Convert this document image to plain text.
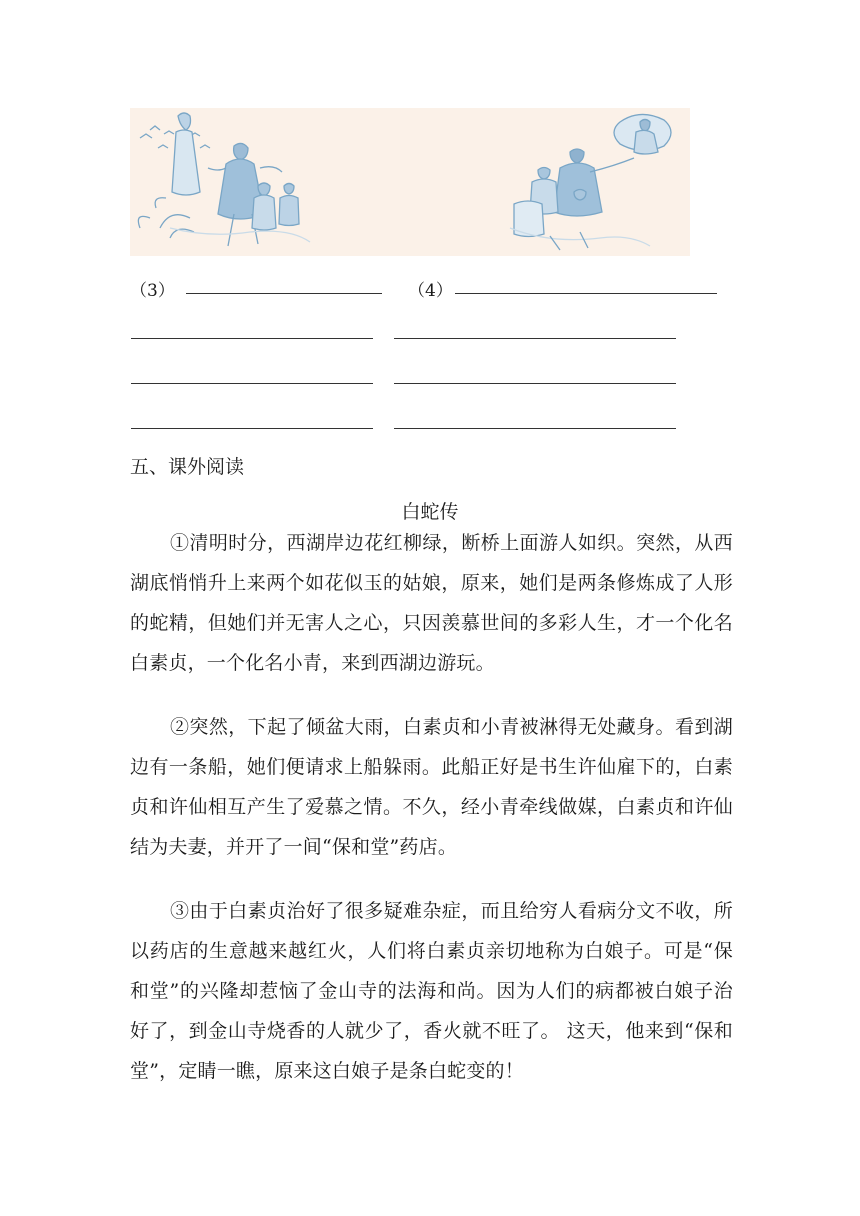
（3）	（4）
五、课外阅读
白蛇传

①清明时分，西湖岸边花红柳绿，断桥上面游人如织。突然，从西湖底悄悄升上来两个如花似玉的姑娘，原来，她们是两条修炼成了人形的蛇精，但她们并无害人之心，只因羡慕世间的多彩人生，才一个化名白素贞，一个化名小青，来到西湖边游玩。

②突然，下起了倾盆大雨，白素贞和小青被淋得无处藏身。看到湖边有一条船，她们便请求上船躲雨。此船正好是书生许仙雇下的，白素贞和许仙相互产生了爱慕之情。不久，经小青牵线做媒，白素贞和许仙结为夫妻，并开了一间“保和堂”药店。

③由于白素贞治好了很多疑难杂症，而且给穷人看病分文不收，所以药店的生意越来越红火，人们将白素贞亲切地称为白娘子。可是“保和堂”的兴隆却惹恼了金山寺的法海和尚。因为人们的病都被白娘子治好了，到金山寺烧香的人就少了，香火就不旺了。 这天，他来到“保和堂”，定睛一瞧，原来这白娘子是条白蛇变的！
